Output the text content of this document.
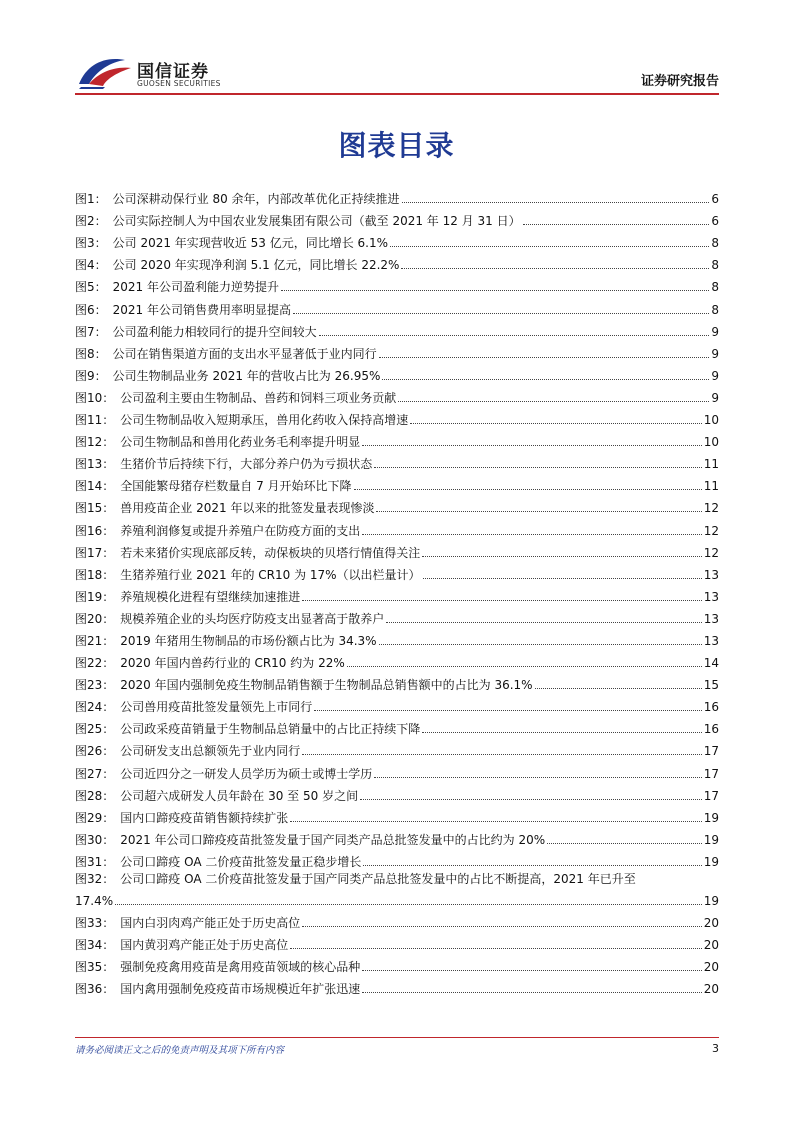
国信证券
GUOSEN SECURITIES	证券研究报告
图表目录
图1： 公司深耕动保行业 80 余年，内部改革优化正持续推进	6
图2： 公司实际控制人为中国农业发展集团有限公司（截至 2021 年 12 月 31 日）	6
图3： 公司 2021 年实现营收近 53 亿元，同比增长 6.1%	8
图4： 公司 2020 年实现净利润 5.1 亿元，同比增长 22.2%	8
图5： 2021 年公司盈利能力逆势提升	8
图6： 2021 年公司销售费用率明显提高	8
图7： 公司盈利能力相较同行的提升空间较大	9
图8： 公司在销售渠道方面的支出水平显著低于业内同行	9
图9： 公司生物制品业务 2021 年的营收占比为 26.95%	9
图10： 公司盈利主要由生物制品、兽药和饲料三项业务贡献	9
图11： 公司生物制品收入短期承压，兽用化药收入保持高增速	10
图12： 公司生物制品和兽用化药业务毛利率提升明显	10
图13： 生猪价节后持续下行，大部分养户仍为亏损状态	11
图14： 全国能繁母猪存栏数量自 7 月开始环比下降	11
图15： 兽用疫苗企业 2021 年以来的批签发量表现惨淡	12
图16： 养殖利润修复或提升养殖户在防疫方面的支出	12
图17： 若未来猪价实现底部反转，动保板块的贝塔行情值得关注	12
图18： 生猪养殖行业 2021 年的 CR10 为 17%（以出栏量计）	13
图19： 养殖规模化进程有望继续加速推进	13
图20： 规模养殖企业的头均医疗防疫支出显著高于散养户	13
图21： 2019 年猪用生物制品的市场份额占比为 34.3%	13
图22： 2020 年国内兽药行业的 CR10 约为 22%	14
图23： 2020 年国内强制免疫生物制品销售额于生物制品总销售额中的占比为 36.1%	15
图24： 公司兽用疫苗批签发量领先上市同行	16
图25： 公司政采疫苗销量于生物制品总销量中的占比正持续下降	16
图26： 公司研发支出总额领先于业内同行	17
图27： 公司近四分之一研发人员学历为硕士或博士学历	17
图28： 公司超六成研发人员年龄在 30 至 50 岁之间	17
图29： 国内口蹄疫疫苗销售额持续扩张	19
图30： 2021 年公司口蹄疫疫苗批签发量于国产同类产品总批签发量中的占比约为 20%	19
图31： 公司口蹄疫 OA 二价疫苗批签发量正稳步增长	19
图32： 公司口蹄疫 OA 二价疫苗批签发量于国产同类产品总批签发量中的占比不断提高，2021 年已升至
17.4%	19
图33： 国内白羽肉鸡产能正处于历史高位	20
图34： 国内黄羽鸡产能正处于历史高位	20
图35： 强制免疫禽用疫苗是禽用疫苗领域的核心品种	20
图36： 国内禽用强制免疫疫苗市场规模近年扩张迅速	20
请务必阅读正文之后的免责声明及其项下所有内容	3
